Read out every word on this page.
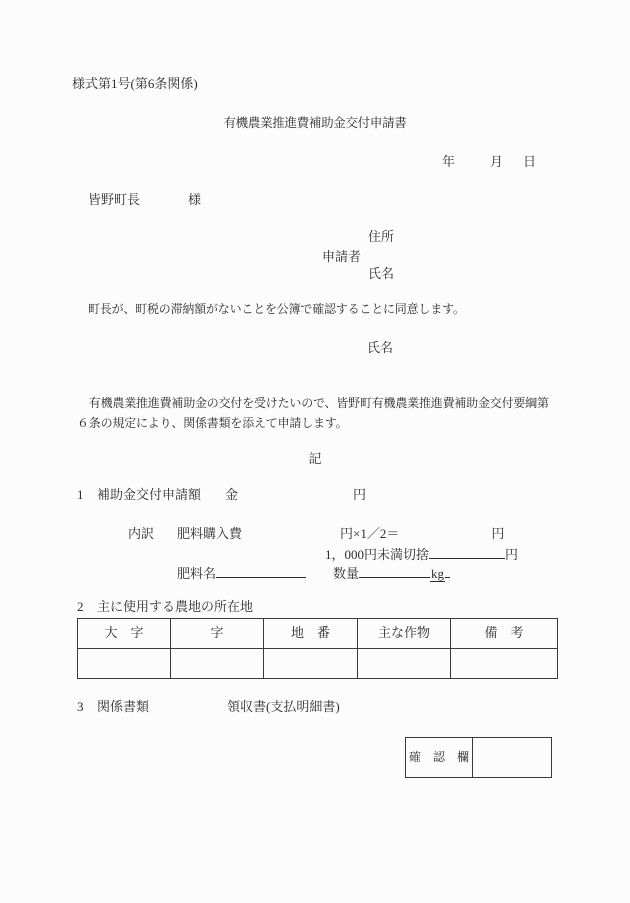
様式第1号(第6条関係)
有機農業推進費補助金交付申請書
年	月 日
皆野町長	様
住所
申請者
氏名
町長が、町税の滞納額がないことを公簿で確認することに同意します。
氏名
　有機農業推進費補助金の交付を受けたいので、皆野町有機農業推進費補助金交付要綱第
６条の規定により、関係書類を添えて申請します。
記
1 補助金交付申請額 金	円
内訳 肥料購入費	円×1／2＝	円
1，000円未満切捨	円
肥料名	数量	kg
2 主に使用する農地の所在地
大　字	字	地　番	主な作物	備　考

3 関係書類	領収書(支払明細書)
確　認　欄
